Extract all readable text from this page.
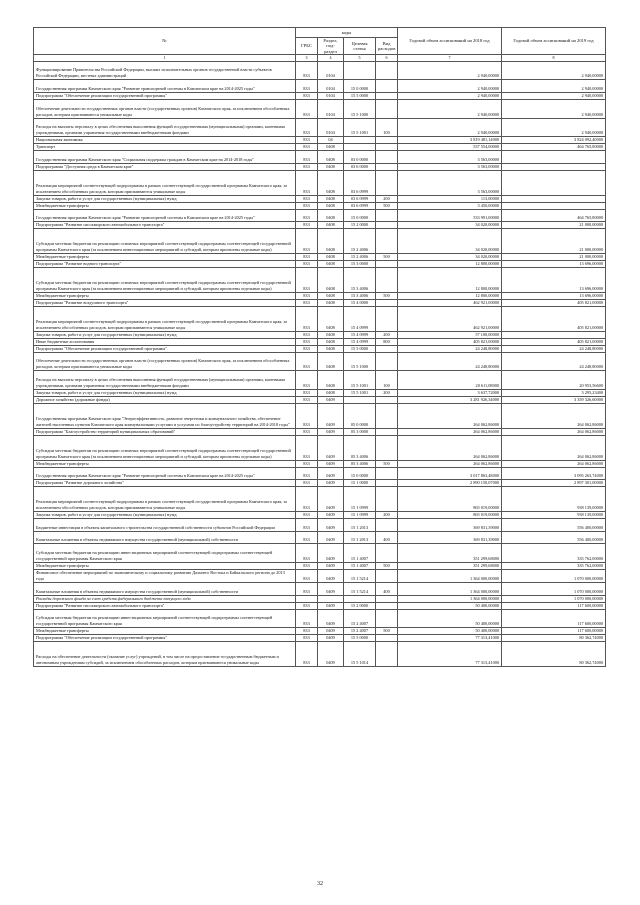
№	коды				Годовой объем ассигнований на 2018 год	Годовой объем ассигнований на 2019 год
	ГРБС	Раздел, под-раздел	Целевая статья	Вид расходов		
1	3	4	5	6	7	8
Функционирование Правительства Российской Федерации, высших исполнительных органов государственной власти субъектов Российской Федерации, местных администраций	833	0104			2 940,00000	2 940,00000
Государственная программа Камчатского края "Развитие транспортной системы в Камчатском крае на 2014-2025 годы"	833	0104	15 0 0000		2 940,00000	2 940,00000
Подпрограмма "Обеспечение реализации государственной программы"	833	0104	15 5 0000		2 940,00000	2 940,00000
Обеспечение деятельности государственных органов власти (государственных органов) Камчатского края, за исключением обособленных расходов, которым присваиваются уникальные коды	833	0104	15 5 1000		2 940,00000	2 940,00000
Расходы на выплаты персоналу в целях обеспечения выполнения функций государственными (муниципальными) органами, казенными учреждениями, органами управления государственными внебюджетными фондами	833	0104	15 5 1001	100	2 940,00000	2 940,00000
Национальная экономика	833	04			3 819 481,14000	3 824 092,40000
Транспорт	833	0408			537 554,00000	464 765,80000
Государственная программа Камчатского края "Социальная поддержка граждан в Камчатском крае на 2014-2018 годы"	833	0408	03 0 0000		3 563,00000	
Подпрограмма "Доступная среда в Камчатском крае"	833	0408	03 6 0000		3 563,00000	
Реализация мероприятий соответствующей подпрограммы в рамках соответствующей государственной программы Камчатского края, за исключением обособленных расходов, которым присваиваются уникальные коды	833	0408	03 6 0999		3 563,00000	
Закупка товаров, работ и услуг для государственных (муниципальных) нужд	833	0408	03 6 0999	200	113,00000	
Межбюджетные трансферты	833	0408	03 6 0999	500	3 450,00000	
Государственная программа Камчатского края "Развитие транспортной системы в Камчатском крае на 2014-2025 годы"	833	0408	15 0 0000		533 991,00000	464 765,80000
Подпрограмма "Развитие пассажирского автомобильного транспорта"	833	0408	15 2 0000		34 020,00000	21 000,00000
Субсидии местным бюджетам на реализацию основных мероприятий соответствующей подпрограммы соответствующей государственной программы Камчатского края (за исключением инвестиционных мероприятий и субсидий, которым присвоены отдельные коды)	833	0408	15 2 4006		34 020,00000	21 000,00000
Межбюджетные трансферты	833	0408	15 2 4006	500	34 020,00000	21 000,00000
Подпрограмма "Развитие водного транспорта"	833	0408	15 3 0000		12 800,00000	13 696,00000
Субсидии местным бюджетам на реализацию основных мероприятий соответствующей подпрограммы соответствующей государственной программы Камчатского края (за исключением инвестиционных мероприятий и субсидий, которым присвоены отдельные коды)	833	0408	15 3 4006		12 800,00000	13 696,00000
Межбюджетные трансферты	833	0408	15 3 4006	500	12 800,00000	13 696,00000
Подпрограмма "Развитие воздушного транспорта"	833	0408	15 4 0000		462 921,00000	405 821,00000
Реализация мероприятий соответствующей подпрограммы в рамках соответствующей государственной программы Камчатского края, за исключением обособленных расходов, которым присваиваются уникальные коды	833	0408	15 4 0999		462 921,00000	405 821,00000
Закупка товаров, работ и услуг для государственных (муниципальных) нужд	833	0408	15 4 0999	200	57 100,00000	
Иные бюджетные ассигнования	833	0408	15 4 0999	800	405 821,00000	405 821,00000
Подпрограмма "Обеспечение реализации государственной программы"	833	0408	15 5 0000		24 248,80000	24 248,80000
Обеспечение деятельности государственных органов власти (государственных органов) Камчатского края, за исключением обособленных расходов, которым присваиваются уникальные коды	833	0408	15 5 1000		24 248,80000	24 248,80000
Расходы на выплаты персоналу в целях обеспечения выполнения функций государственными (муниципальными) органами, казенными учреждениями, органами управления государственными внебюджетными фондами	833	0408	15 5 1001	100	20 611,08000	20 953,56600
Закупка товаров, работ и услуг для государственных (муниципальных) нужд	833	0408	15 5 1001	200	3 637,72000	3 295,23400
Дорожное хозяйство (дорожные фонды)	833	0409			3 281 926,34000	3 359 326,60000
Государственная программа Камчатского края "Энергоэффективность, развитие энергетики и коммунального хозяйства, обеспечение жителей населенных пунктов Камчатского края коммунальными услугами и услугами по благоустройству территорий на 2014-2018 годы"	833	0409	05 0 0000		264 062,86000	264 062,86000
Подпрограмма "Благоустройство территорий муниципальных образований"	833	0409	05 3 0000		264 062,86000	264 062,86000
Субсидии местным бюджетам на реализацию основных мероприятий соответствующей подпрограммы соответствующей государственной программы Камчатского края (за исключением инвестиционных мероприятий и субсидий, которым присвоены отдельные коды)	833	0409	05 3 4006		264 062,86000	264 062,86000
Межбюджетные трансферты	833	0409	05 3 4006	500	264 062,86000	264 062,86000
Государственная программа Камчатского края "Развитие транспортной системы в Камчатском крае на 2014-2025 годы"	833	0409	15 0 0000		3 017 863,48000	3 095 263,74000
Подпрограмма "Развитие дорожного хозяйства"	833	0409	15 1 0000		2 890 150,07000	2 897 301,00000
Реализация мероприятий соответствующей подпрограммы в рамках соответствующей государственной программы Камчатского края, за исключением обособленных расходов, которым присваиваются уникальные коды	833	0409	15 1 0999		865 019,00000	938 139,00000
Закупка товаров, работ и услуг для государственных (муниципальных) нужд	833	0409	15 1 0999	200	865 019,00000	938 139,00000
Бюджетные инвестиции в объекты капитального строительства государственной собственности субъектов Российской Федерации	833	0409	15 1 2013		369 831,39000	556 400,00000
Капитальные вложения в объекты недвижимого имущества государственной (муниципальной) собственности	833	0409	15 1 2013	400	369 831,39000	556 400,00000
Субсидии местным бюджетам на реализацию инвестиционных мероприятий соответствующей подпрограммы соответствующей государственной программы Камчатского края	833	0409	15 1 4007		351 299,68000	335 762,00000
Межбюджетные трансферты	833	0409	15 1 4007	500	351 299,68000	335 762,00000
Финансовое обеспечение мероприятий по экономическому и социальному развитию Дальнего Востока и Байкальского региона до 2013 года	833	0409	15 1 5214		1 364 000,00000	1 070 000,00000
Капитальные вложения в объекты недвижимого имущества государственной (муниципальной) собственности	833	0409	15 1 5214	400	1 364 000,00000	1 070 000,00000
Расходы дорожного фонда за счет средств федерального бюджета текущего года					1 364 000,00000	1 070 000,00000
Подпрограмма "Развитие пассажирского автомобильного транспорта"	833	0409	15 2 0000		50 400,00000	117 600,00000
Субсидии местным бюджетам на реализацию инвестиционных мероприятий соответствующей подпрограммы соответствующей государственной программы Камчатского края	833	0409	15 2 4007		50 400,00000	117 600,00000
Межбюджетные трансферты	833	0409	15 2 4007	500	50 400,00000	117 600,00000
Подпрограмма "Обеспечение реализации государственной программы"	833	0409	15 5 0000		77 313,41000	80 362,74000
Расходы на обеспечение деятельности (оказание услуг) учреждений, в том числе на предоставление государственным бюджетным и автономным учреждениям субсидий, за исключением обособленных расходов, которым присваиваются уникальные коды	833	0409	15 5 1014		77 313,41000	80 362,74000
32
